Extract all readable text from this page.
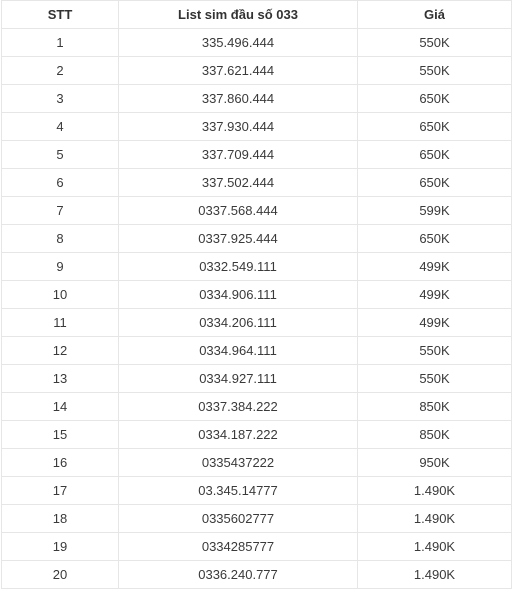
STT	List sim đầu số 033	Giá
1	335.496.444	550K
2	337.621.444	550K
3	337.860.444	650K
4	337.930.444	650K
5	337.709.444	650K
6	337.502.444	650K
7	0337.568.444	599K
8	0337.925.444	650K
9	0332.549.111	499K
10	0334.906.111	499K
11	0334.206.111	499K
12	0334.964.111	550K
13	0334.927.111	550K
14	0337.384.222	850K
15	0334.187.222	850K
16	0335437222	950K
17	03.345.14777	1.490K
18	0335602777	1.490K
19	0334285777	1.490K
20	0336.240.777	1.490K
